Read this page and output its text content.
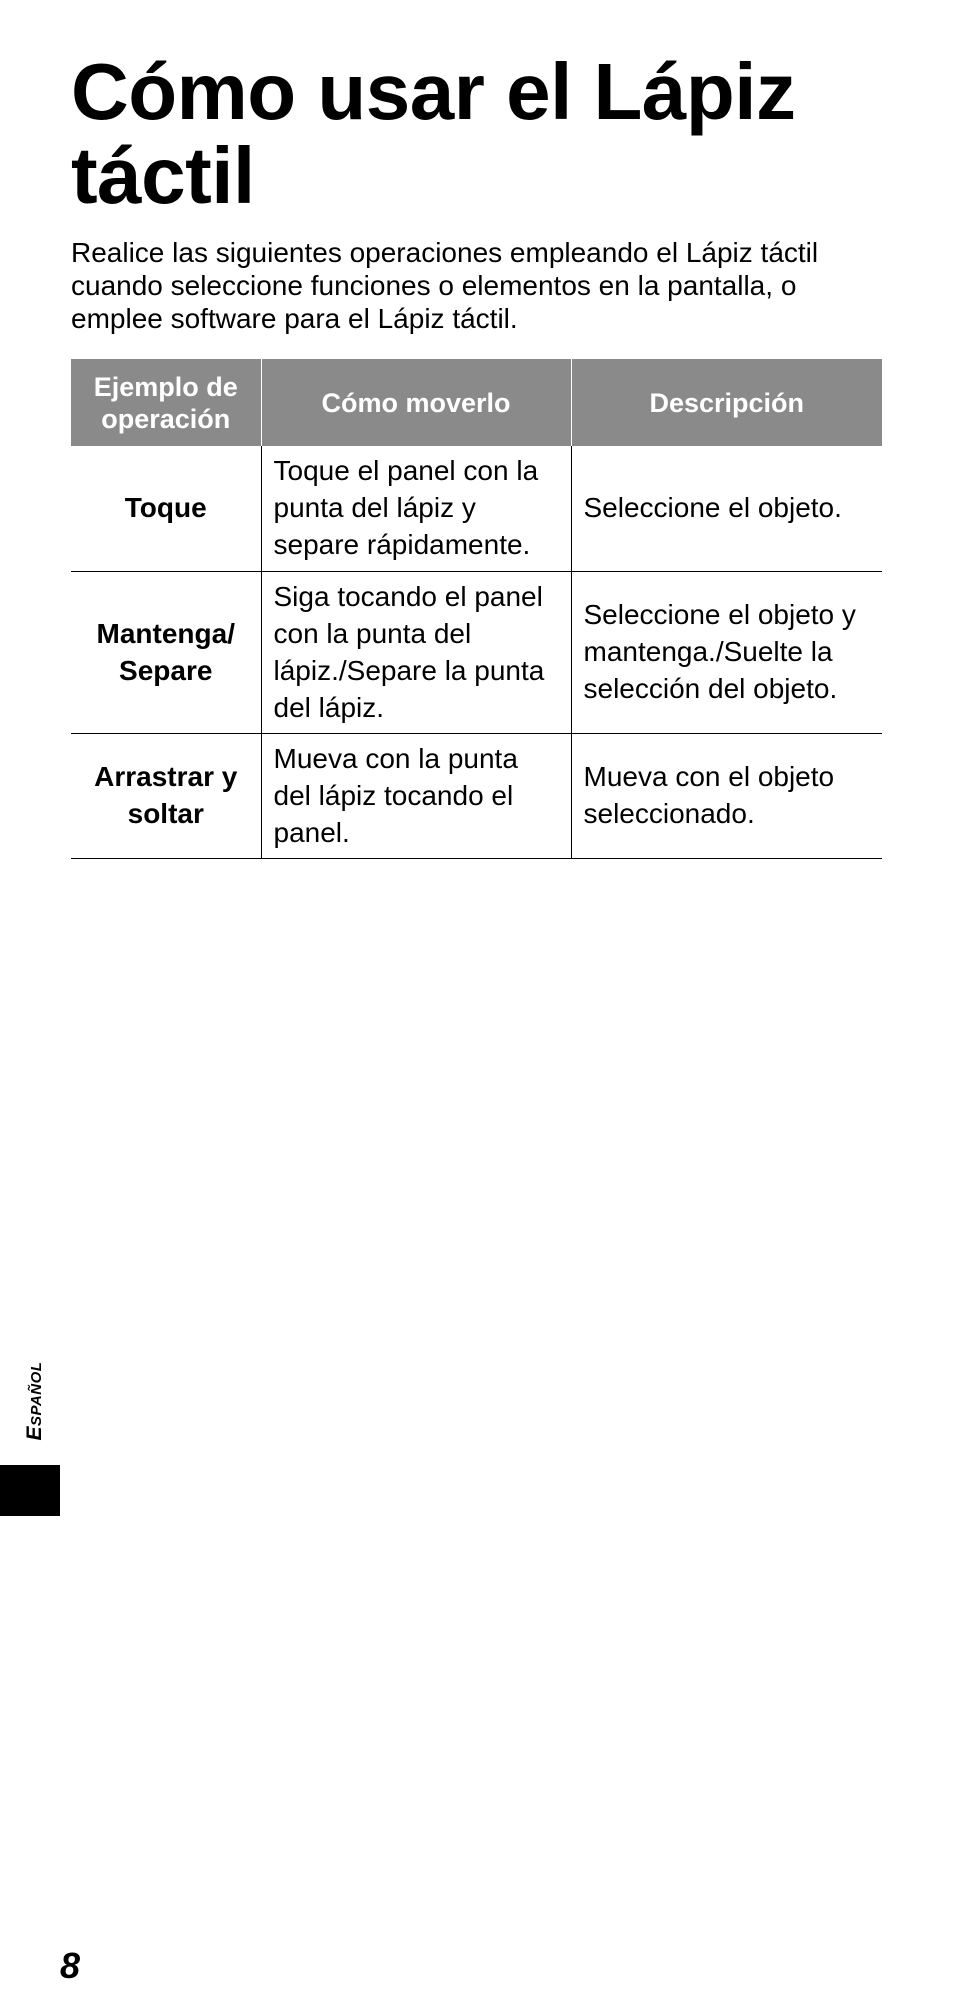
Cómo usar el Lápiz táctil

Realice las siguientes operaciones empleando el Lápiz táctil cuando seleccione funciones o elementos en la pantalla, o emplee software para el Lápiz táctil.

Ejemplo de operación	Cómo moverlo	Descripción
Toque	Toque el panel con la punta del lápiz y separe rápidamente.	Seleccione el objeto.
Mantenga/ Separe	Siga tocando el panel con la punta del lápiz./Separe la punta del lápiz.	Seleccione el objeto y mantenga./Suelte la selección del objeto.
Arrastrar y soltar	Mueva con la punta del lápiz tocando el panel.	Mueva con el objeto seleccionado.
Español
8
